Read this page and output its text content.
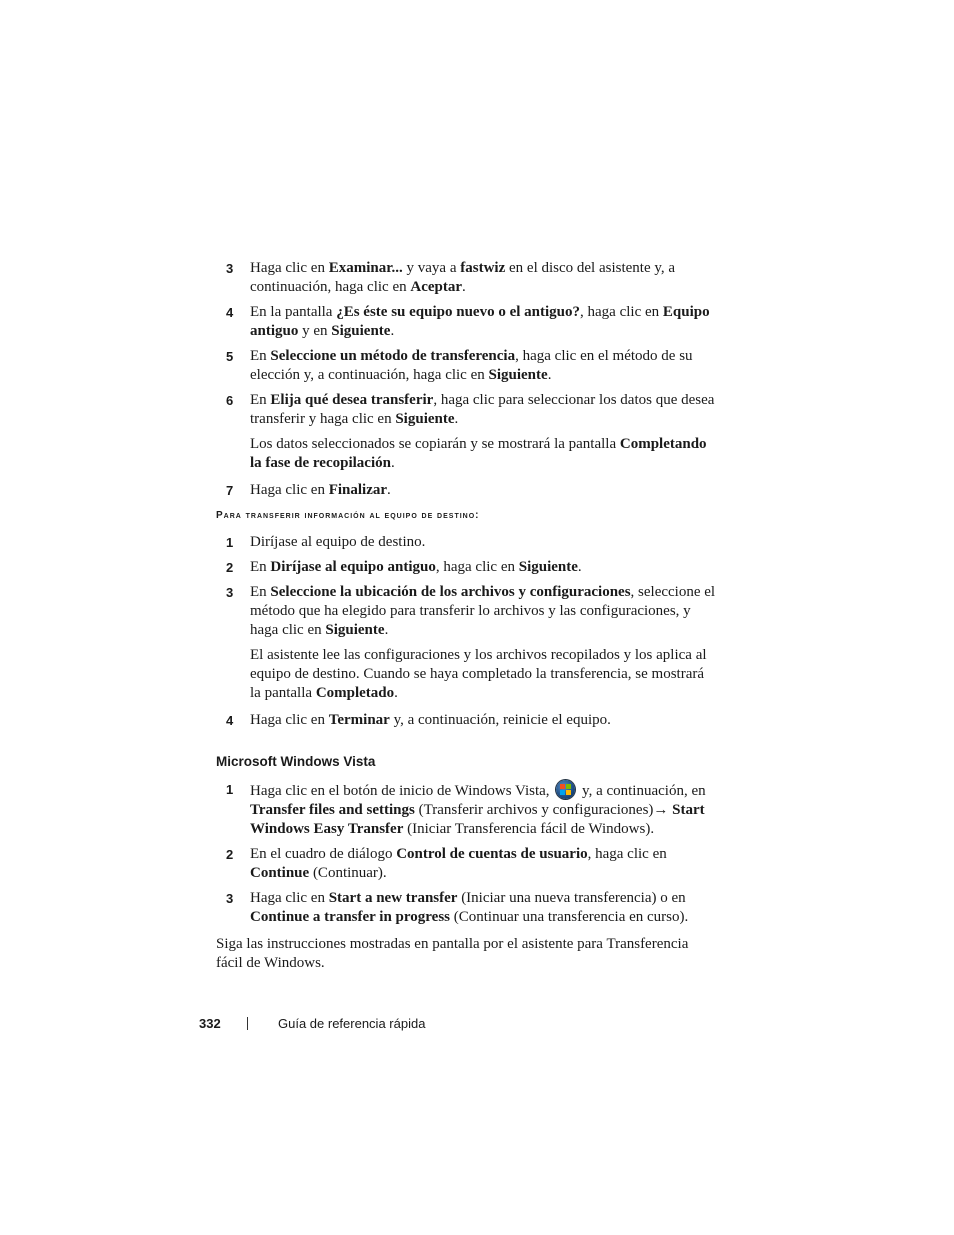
3	Haga clic en Examinar... y vaya a fastwiz en el disco del asistente y, a continuación, haga clic en Aceptar.
4	En la pantalla ¿Es éste su equipo nuevo o el antiguo?, haga clic en Equipo antiguo y en Siguiente.
5	En Seleccione un método de transferencia, haga clic en el método de su elección y, a continuación, haga clic en Siguiente.
6	En Elija qué desea transferir, haga clic para seleccionar los datos que desea transferir y haga clic en Siguiente.
Los datos seleccionados se copiarán y se mostrará la pantalla Completando la fase de recopilación.
7	Haga clic en Finalizar.
Para transferir información al equipo de destino:
1	Diríjase al equipo de destino.
2	En Diríjase al equipo antiguo, haga clic en Siguiente.
3	En Seleccione la ubicación de los archivos y configuraciones, seleccione el método que ha elegido para transferir lo archivos y las configuraciones, y haga clic en Siguiente.
El asistente lee las configuraciones y los archivos recopilados y los aplica al equipo de destino. Cuando se haya completado la transferencia, se mostrará la pantalla Completado.
4	Haga clic en Terminar y, a continuación, reinicie el equipo.
Microsoft Windows Vista
1	Haga clic en el botón de inicio de Windows Vista,
y, a continuación, en Transfer files and settings (Transferir archivos y configuraciones)→ Start Windows Easy Transfer (Iniciar Transferencia fácil de Windows).
2	En el cuadro de diálogo Control de cuentas de usuario, haga clic en Continue (Continuar).
3	Haga clic en Start a new transfer (Iniciar una nueva transferencia) o en Continue a transfer in progress (Continuar una transferencia en curso).
Siga las instrucciones mostradas en pantalla por el asistente para Transferencia fácil de Windows.
332	Guía de referencia rápida
